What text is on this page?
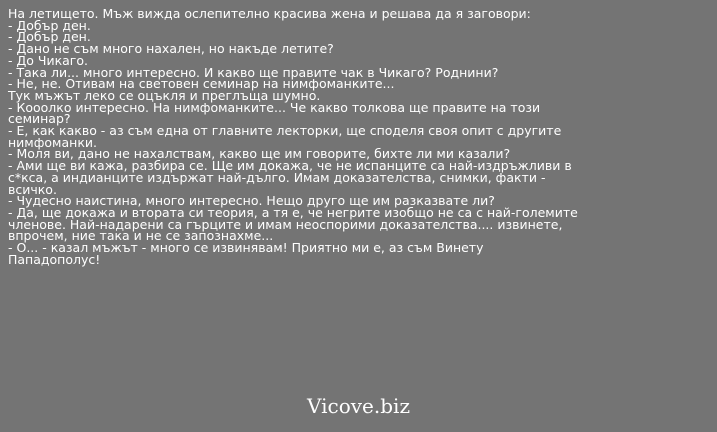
На летището. Мъж вижда ослепително красива жена и решава да я заговори:
- Добър ден.
- Добър ден.
- Дано не съм много нахален, но накъде летите?
- До Чикаго.
- Така ли... много интересно. И какво ще правите чак в Чикаго? Роднини?
- Не, не. Отивам на световен семинар на нимфоманките...
Тук мъжът леко се оцъкля и преглъща шумно.
- Кооолко интересно. На нимфоманките... Че какво толкова ще правите на този
семинар?
- Е, как какво - аз съм една от главните лекторки, ще споделя своя опит с другите
нимфоманки.
- Моля ви, дано не нахалствам, какво ще им говорите, бихте ли ми казали?
- Ами ще ви кажа, разбира се. Ще им докажа, че не испанците са най-издръжливи в
с*кса, а индианците издържат най-дълго. Имам доказателства, снимки, факти -
всичко.
- Чудесно наистина, много интересно. Нещо друго ще им разказвате ли?
- Да, ще докажа и втората си теория, а тя е, че негрите изобщо не са с най-големите
членове. Най-надарени са гърците и имам неоспорими доказателства.... извинете,
впрочем, ние така и не се запознахме...
- О... - казал мъжът - много се извинявам! Приятно ми е, аз съм Винету
Пападополус!
Vicove.biz
